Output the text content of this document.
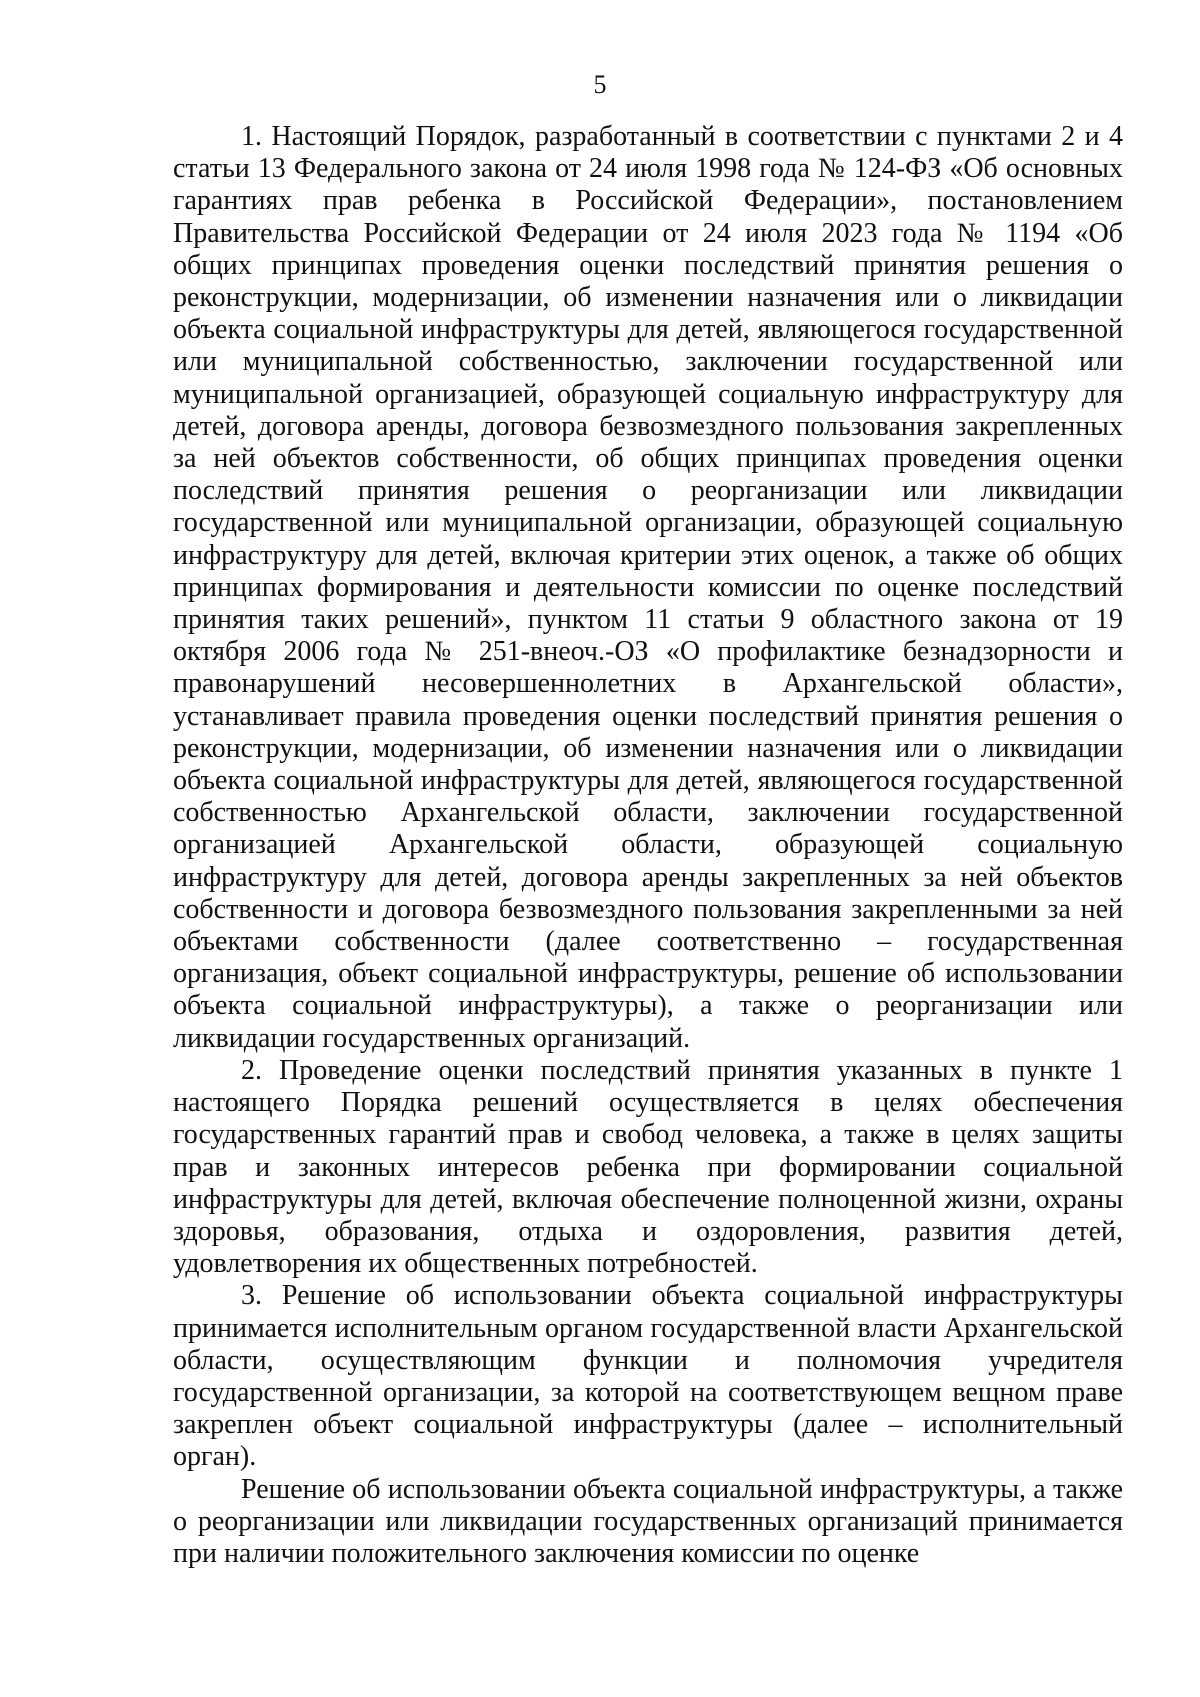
5

1. Настоящий Порядок, разработанный в соответствии с пунктами 2 и 4 статьи 13 Федерального закона от 24 июля 1998 года № 124-ФЗ «Об основных гарантиях прав ребенка в Российской Федерации», постановлением Правительства Российской Федерации от 24 июля 2023 года № 1194 «Об общих принципах проведения оценки последствий принятия решения о реконструкции, модернизации, об изменении назначения или о ликвидации объекта социальной инфраструктуры для детей, являющегося государственной или муниципальной собственностью, заключении государственной или муниципальной организацией, образующей социальную инфраструктуру для детей, договора аренды, договора безвозмездного пользования закрепленных за ней объектов собственности, об общих принципах проведения оценки последствий принятия решения о реорганизации или ликвидации государственной или муниципальной организации, образующей социальную инфраструктуру для детей, включая критерии этих оценок, а также об общих принципах формирования и деятельности комиссии по оценке последствий принятия таких решений», пунктом 11 статьи 9 областного закона от 19 октября 2006 года № 251-внеоч.-ОЗ «О профилактике безнадзорности и правонарушений несовершеннолетних в Архангельской области», устанавливает правила проведения оценки последствий принятия решения о реконструкции, модернизации, об изменении назначения или о ликвидации объекта социальной инфраструктуры для детей, являющегося государственной собственностью Архангельской области, заключении государственной организацией Архангельской области, образующей социальную инфраструктуру для детей, договора аренды закрепленных за ней объектов собственности и договора безвозмездного пользования закрепленными за ней объектами собственности (далее соответственно – государственная организация, объект социальной инфраструктуры, решение об использовании объекта социальной инфраструктуры), а также о реорганизации или ликвидации государственных организаций.

2. Проведение оценки последствий принятия указанных в пункте 1 настоящего Порядка решений осуществляется в целях обеспечения государственных гарантий прав и свобод человека, а также в целях защиты прав и законных интересов ребенка при формировании социальной инфраструктуры для детей, включая обеспечение полноценной жизни, охраны здоровья, образования, отдыха и оздоровления, развития детей, удовлетворения их общественных потребностей.

3. Решение об использовании объекта социальной инфраструктуры принимается исполнительным органом государственной власти Архангельской области, осуществляющим функции и полномочия учредителя государственной организации, за которой на соответствующем вещном праве закреплен объект социальной инфраструктуры (далее – исполнительный орган).

Решение об использовании объекта социальной инфраструктуры, а также о реорганизации или ликвидации государственных организаций принимается при наличии положительного заключения комиссии по оценке
